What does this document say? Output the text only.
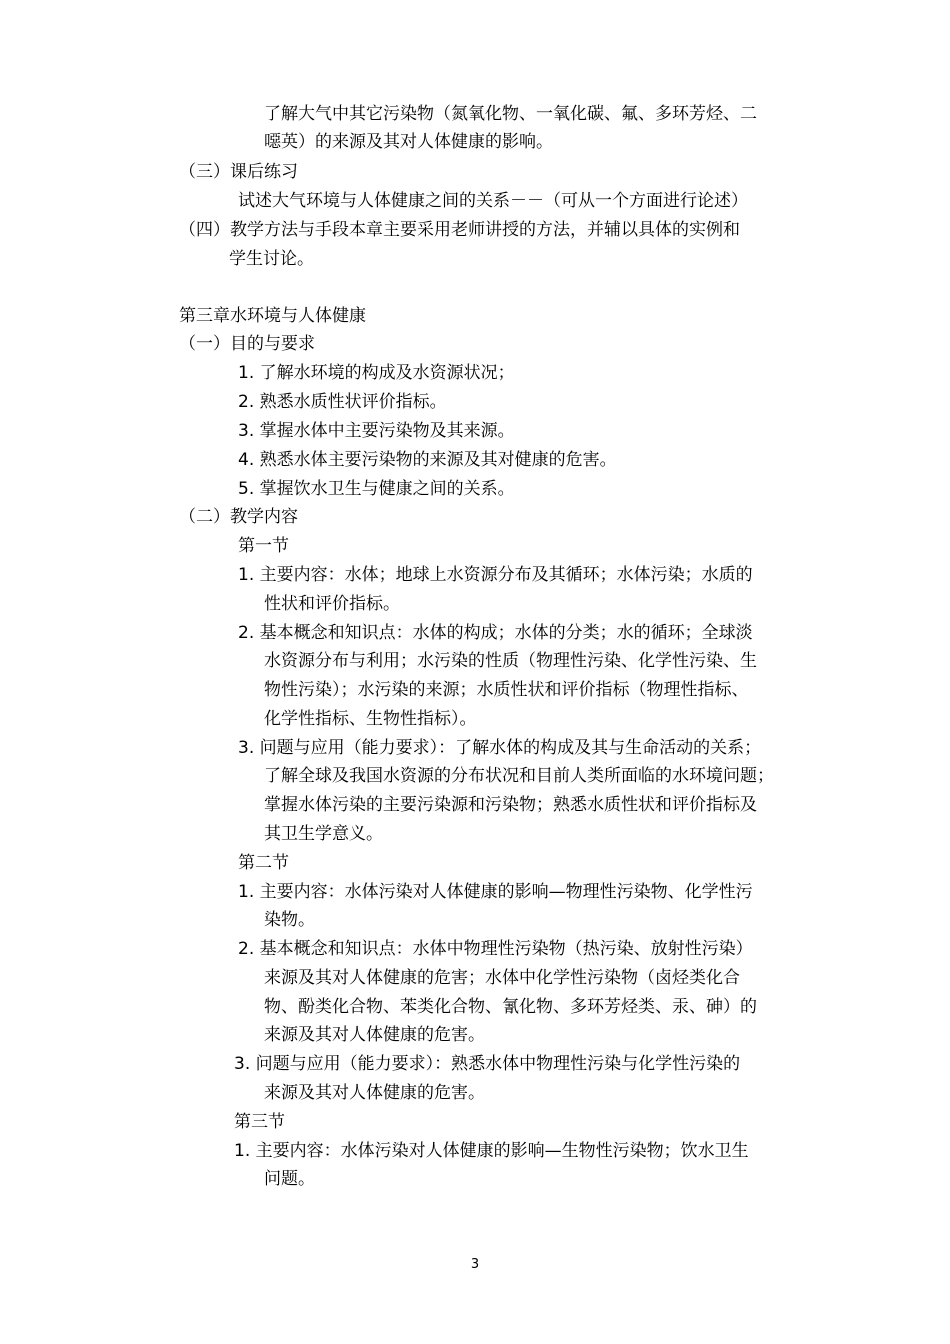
了解大气中其它污染物（氮氧化物、一氧化碳、氟、多环芳烃、二
噁英）的来源及其对人体健康的影响。
（三）课后练习
试述大气环境与人体健康之间的关系－－（可从一个方面进行论述）
（四）教学方法与手段本章主要采用老师讲授的方法，并辅以具体的实例和
学生讨论。
第三章水环境与人体健康
（一）目的与要求
1. 了解水环境的构成及水资源状况；
2. 熟悉水质性状评价指标。
3. 掌握水体中主要污染物及其来源。
4. 熟悉水体主要污染物的来源及其对健康的危害。
5. 掌握饮水卫生与健康之间的关系。
（二）教学内容
第一节
1. 主要内容：水体；地球上水资源分布及其循环；水体污染；水质的
性状和评价指标。
2. 基本概念和知识点：水体的构成；水体的分类；水的循环；全球淡
水资源分布与利用；水污染的性质（物理性污染、化学性污染、生
物性污染）；水污染的来源；水质性状和评价指标（物理性指标、
化学性指标、生物性指标）。
3. 问题与应用（能力要求）：了解水体的构成及其与生命活动的关系；
了解全球及我国水资源的分布状况和目前人类所面临的水环境问题；
掌握水体污染的主要污染源和污染物；熟悉水质性状和评价指标及
其卫生学意义。
第二节
1. 主要内容：水体污染对人体健康的影响—物理性污染物、化学性污
染物。
2. 基本概念和知识点：水体中物理性污染物（热污染、放射性污染）
来源及其对人体健康的危害；水体中化学性污染物（卤烃类化合
物、酚类化合物、苯类化合物、氰化物、多环芳烃类、汞、砷）的
来源及其对人体健康的危害。
3. 问题与应用（能力要求）：熟悉水体中物理性污染与化学性污染的
来源及其对人体健康的危害。
第三节
1. 主要内容：水体污染对人体健康的影响—生物性污染物；饮水卫生
问题。
3
